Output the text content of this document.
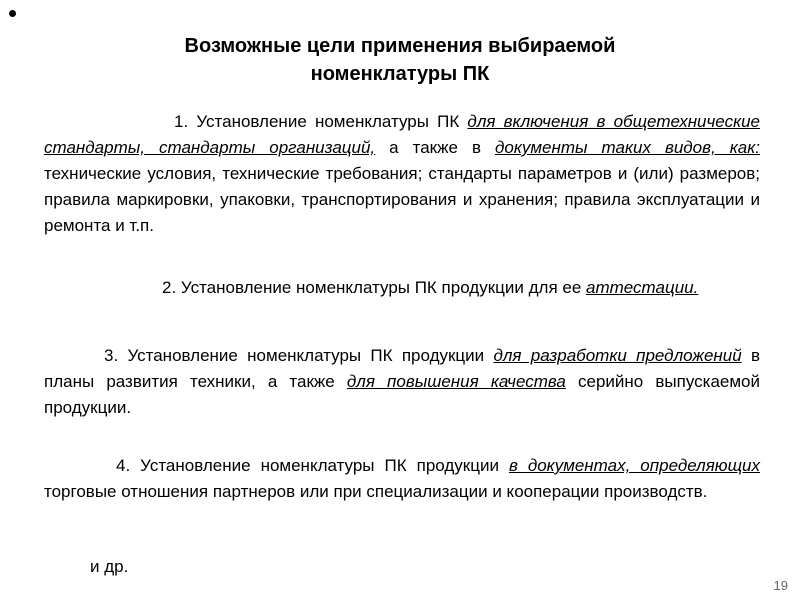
•
Возможные цели применения выбираемой
номенклатуры ПК
1. Установление номенклатуры ПК для включения в общетехнические стандарты, стандарты организаций, а также в документы таких видов, как: технические условия, технические требования; стандарты параметров и (или) размеров; правила маркировки, упаковки, транспортирования и хранения; правила эксплуатации и ремонта и т.п.
2. Установление номенклатуры ПК продукции для ее аттестации.
3. Установление номенклатуры ПК продукции для разработки предложений в планы развития техники, а также для повышения качества серийно выпускаемой продукции.
4. Установление номенклатуры ПК продукции в документах, определяющих торговые отношения партнеров или при специализации и кооперации производств.
и др.
19
